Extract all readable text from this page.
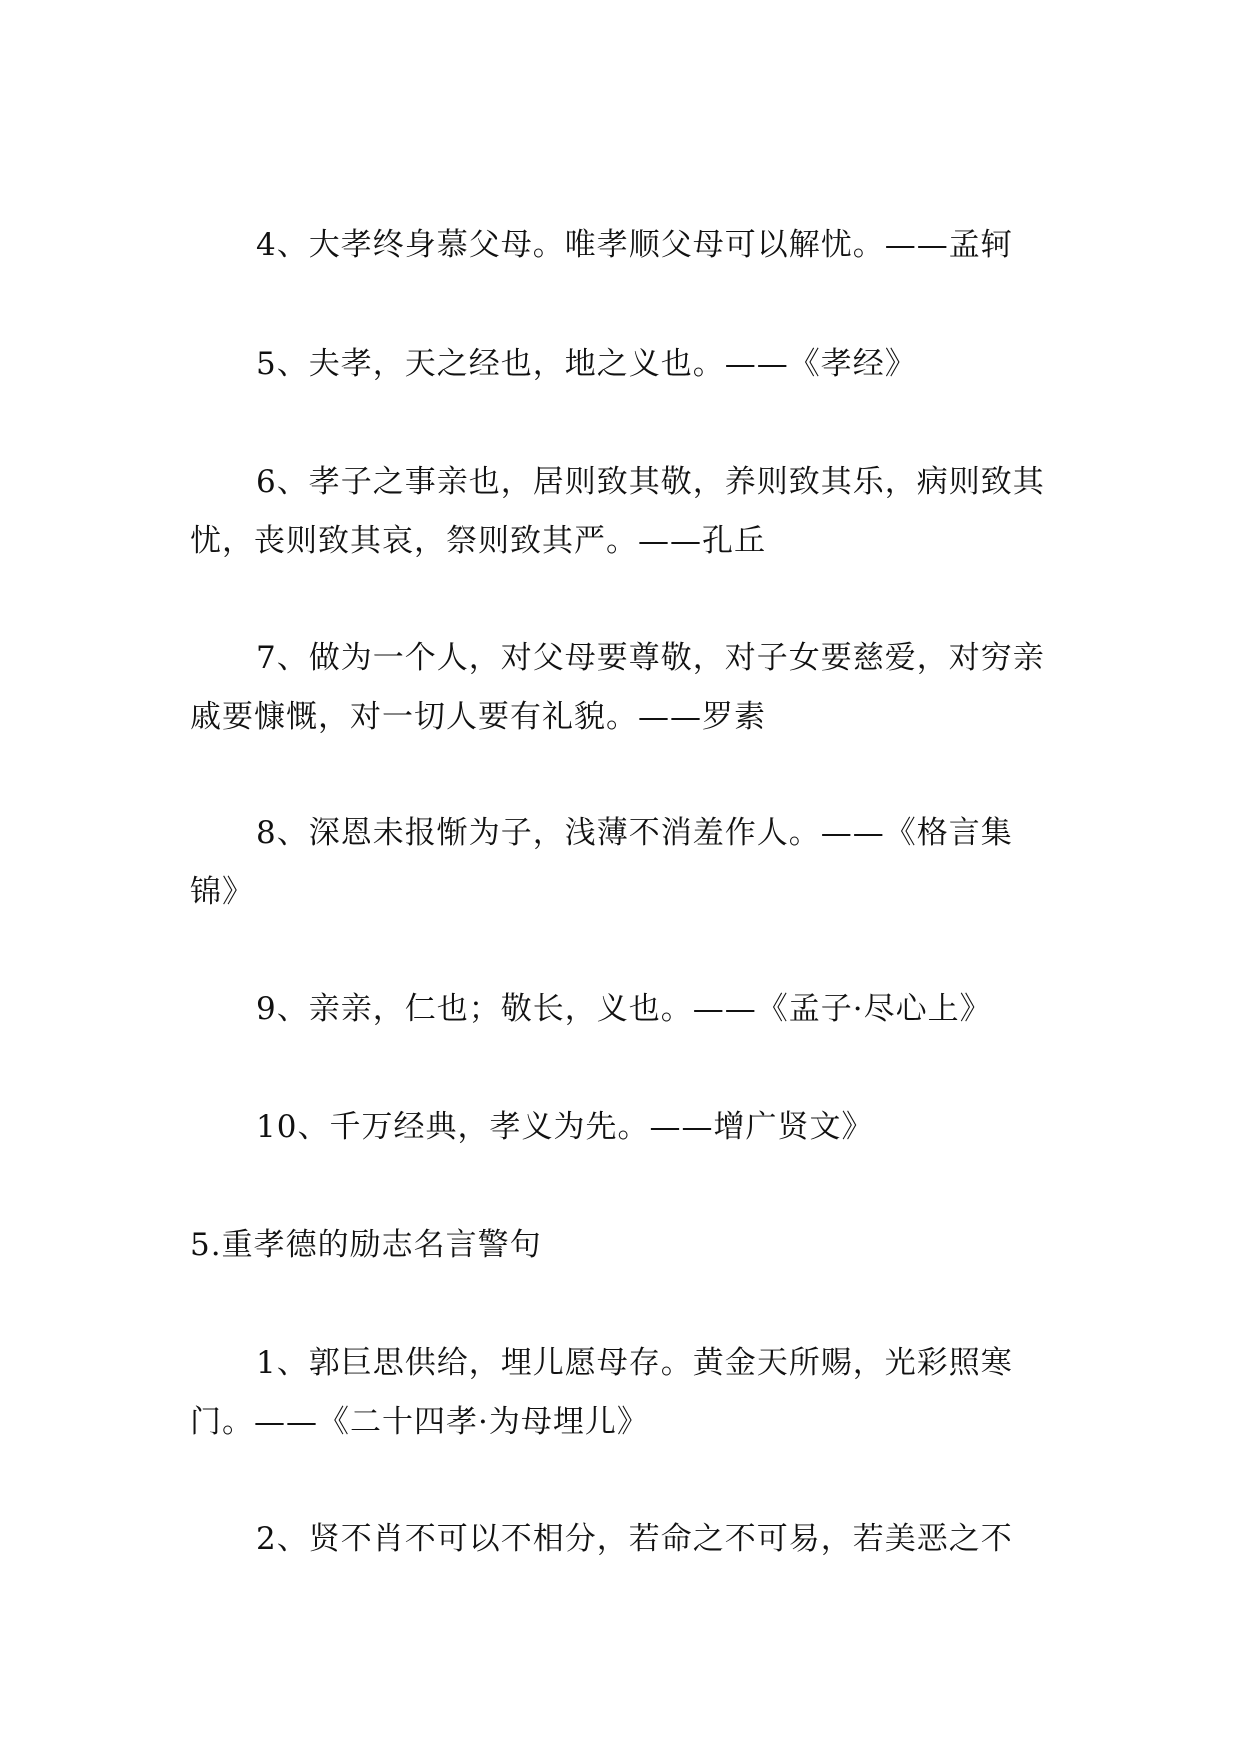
4、大孝终身慕父母。唯孝顺父母可以解忧。——孟轲

5、夫孝，天之经也，地之义也。——《孝经》

6、孝子之事亲也，居则致其敬，养则致其乐，病则致其忧，丧则致其哀，祭则致其严。——孔丘

7、做为一个人，对父母要尊敬，对子女要慈爱，对穷亲戚要慷慨，对一切人要有礼貌。——罗素

8、深恩未报惭为子，浅薄不消羞作人。——《格言集锦》

9、亲亲，仁也；敬长，义也。——《孟子·尽心上》

10、千万经典，孝义为先。——增广贤文》

5.重孝德的励志名言警句

1、郭巨思供给，埋儿愿母存。黄金天所赐，光彩照寒门。——《二十四孝·为母埋儿》

2、贤不肖不可以不相分，若命之不可易，若美恶之不
